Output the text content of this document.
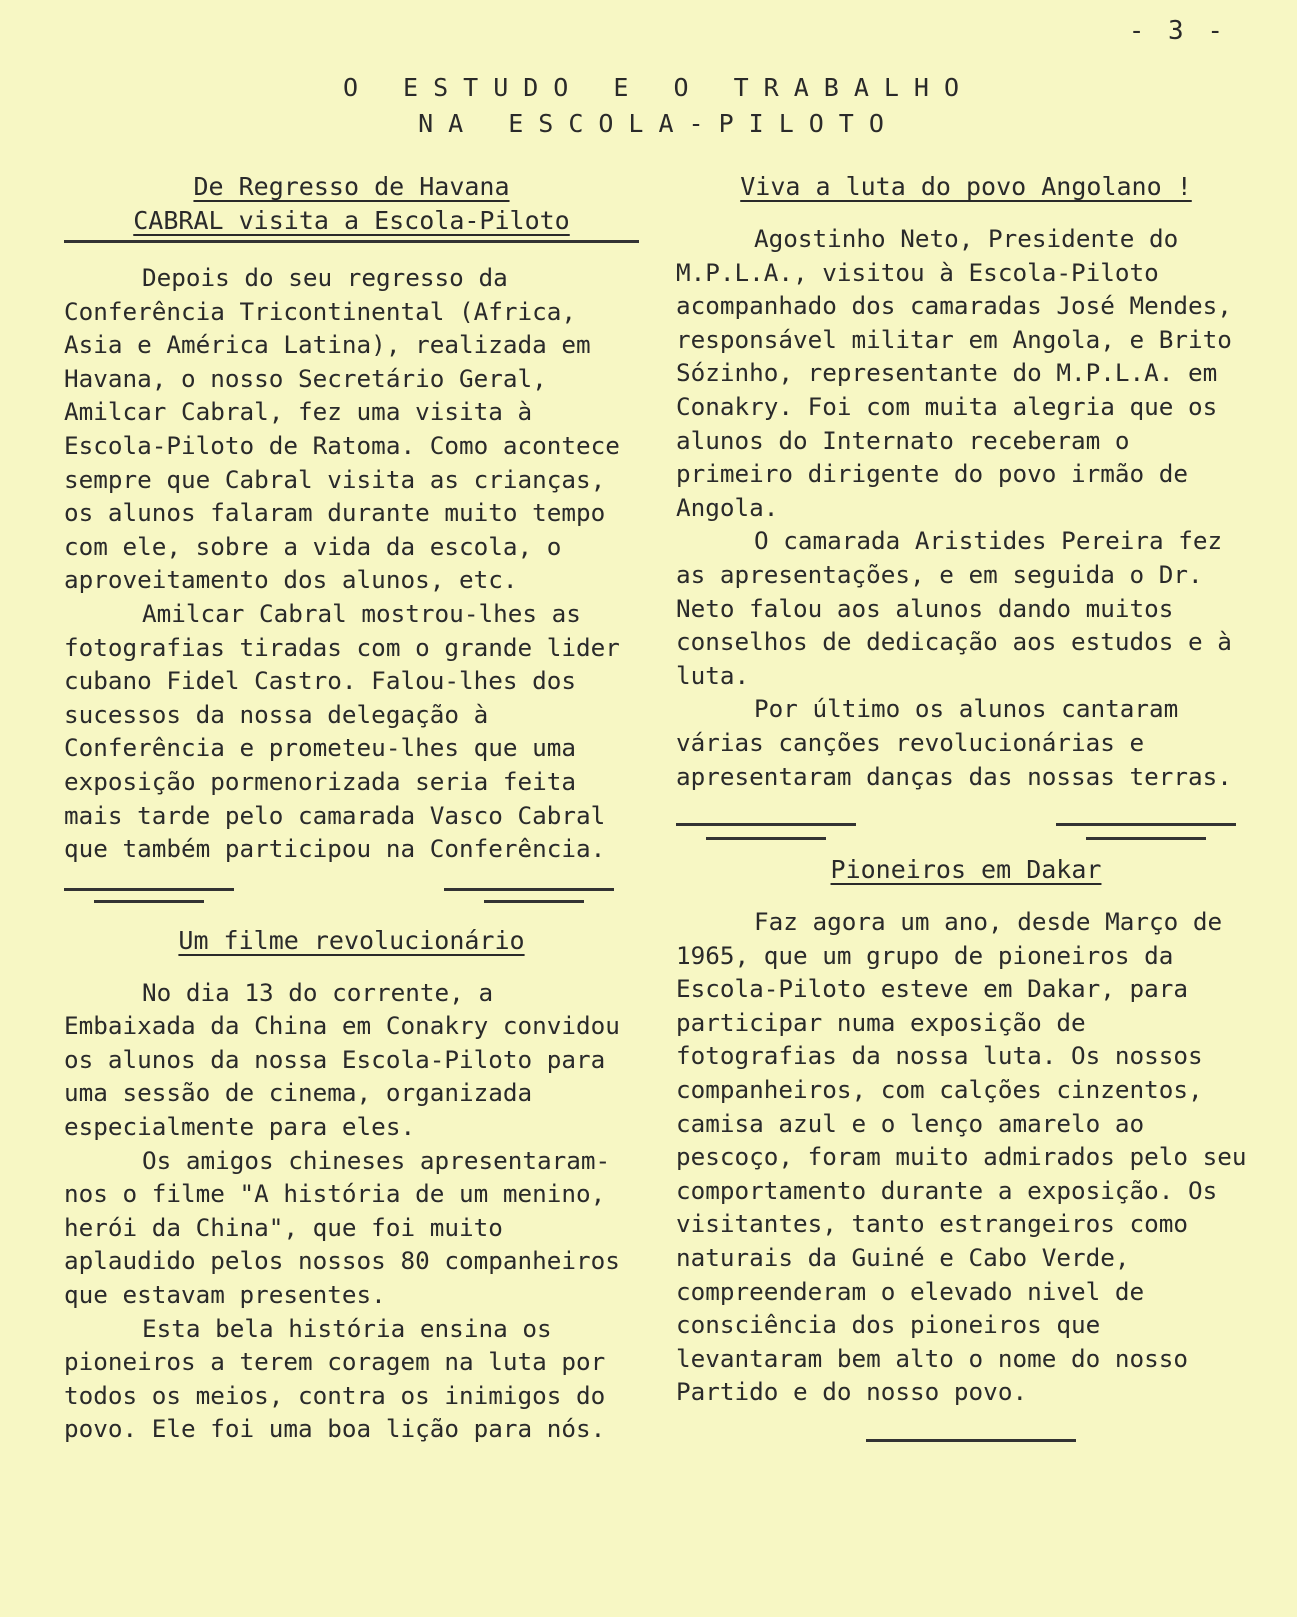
- 3 -
O ESTUDO E O TRABALHO
NA ESCOLA-PILOTO
De Regresso de Havana
CABRAL visita a Escola-Piloto

Depois do seu regresso da Conferência Tricontinental (Africa, Asia e América Latina), realizada em Havana, o nosso Secretário Geral, Amilcar Cabral, fez uma visita à Escola-Piloto de Ratoma. Como acontece sempre que Cabral visita as crianças, os alunos falaram durante muito tempo com ele, sobre a vida da escola, o aproveitamento dos alunos, etc.

Amilcar Cabral mostrou-lhes as fotografias tiradas com o grande lider cubano Fidel Castro. Falou-lhes dos sucessos da nossa delegação à Conferência e prometeu-lhes que uma exposição pormenorizada seria feita mais tarde pelo camarada Vasco Cabral que também participou na Conferência.

Um filme revolucionário

No dia 13 do corrente, a Embaixada da China em Conakry convidou os alunos da nossa Escola-Piloto para uma sessão de cinema, organizada especialmente para eles.

Os amigos chineses apresentaram-nos o filme "A história de um menino, herói da China", que foi muito aplaudido pelos nossos 80 companheiros que estavam presentes.

Esta bela história ensina os pioneiros a terem coragem na luta por todos os meios, contra os inimigos do povo. Ele foi uma boa lição para nós.

Viva a luta do povo Angolano !

Agostinho Neto, Presidente do M.P.L.A., visitou à Escola-Piloto acompanhado dos camaradas José Mendes, responsável militar em Angola, e Brito Sózinho, representante do M.P.L.A. em Conakry. Foi com muita alegria que os alunos do Internato receberam o primeiro dirigente do povo irmão de Angola.

O camarada Aristides Pereira fez as apresentações, e em seguida o Dr. Neto falou aos alunos dando muitos conselhos de dedicação aos estudos e à luta.

Por último os alunos cantaram várias canções revolucionárias e apresentaram danças das nossas terras.

Pioneiros em Dakar

Faz agora um ano, desde Março de 1965, que um grupo de pioneiros da Escola-Piloto esteve em Dakar, para participar numa exposição de fotografias da nossa luta. Os nossos companheiros, com calções cinzentos, camisa azul e o lenço amarelo ao pescoço, foram muito admirados pelo seu comportamento durante a exposição. Os visitantes, tanto estrangeiros como naturais da Guiné e Cabo Verde, compreenderam o elevado nivel de consciência dos pioneiros que levantaram bem alto o nome do nosso Partido e do nosso povo.
